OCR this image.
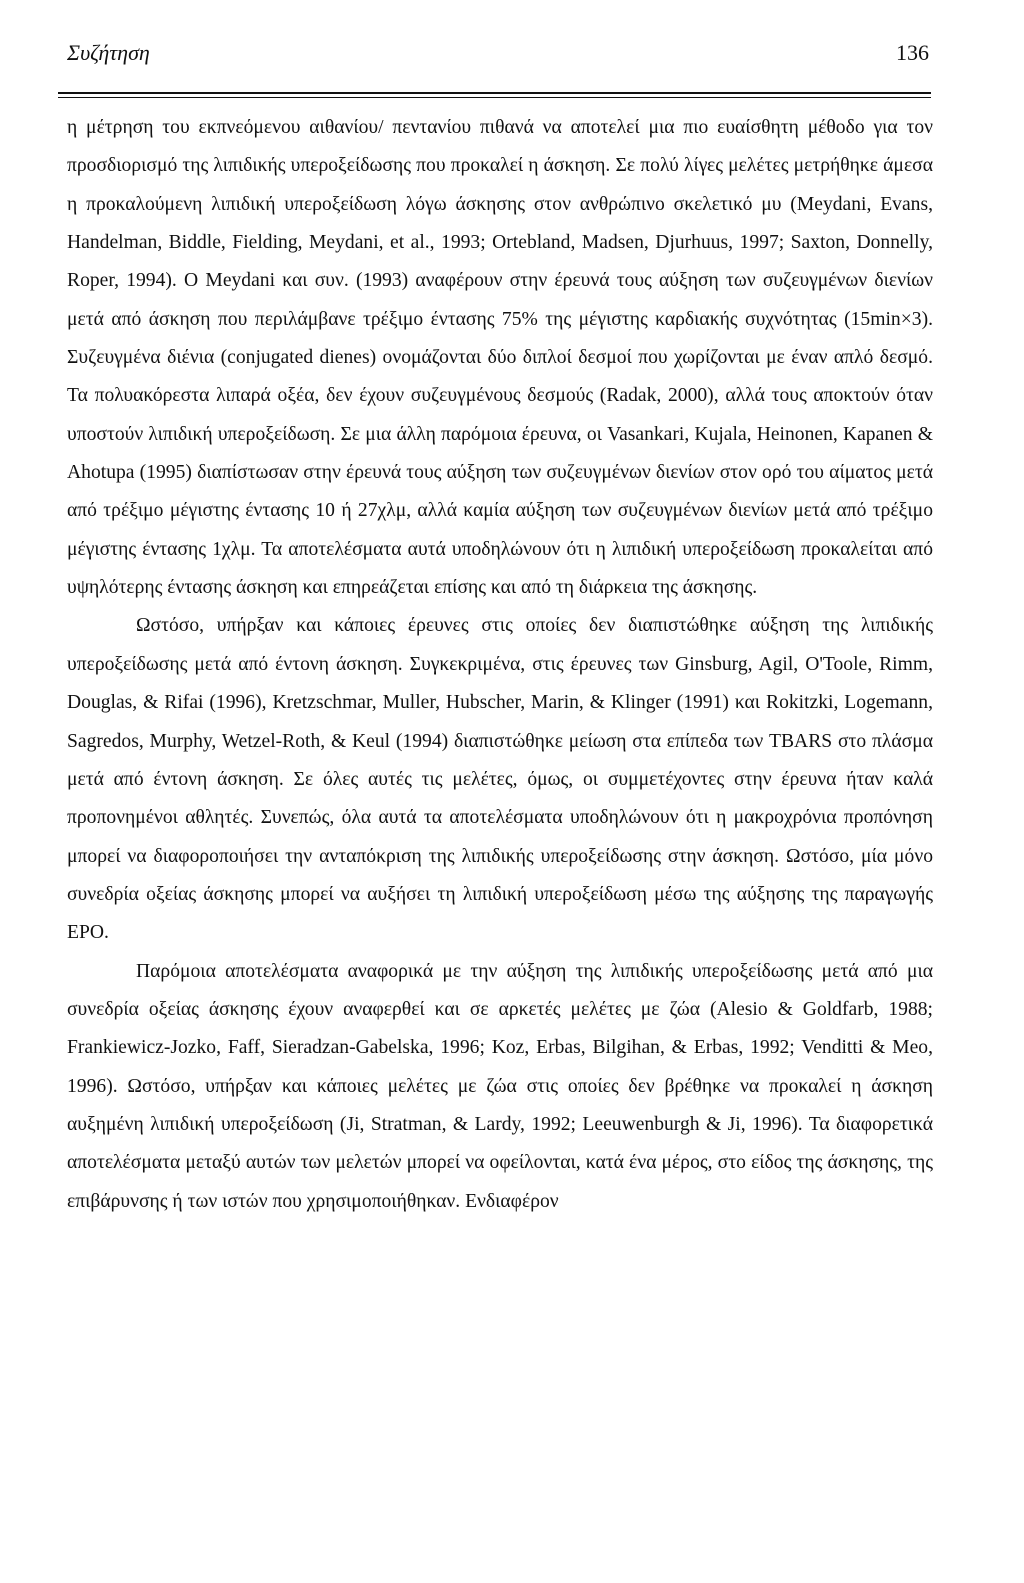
Συζήτηση	136

η μέτρηση του εκπνεόμενου αιθανίου/ πεντανίου πιθανά να αποτελεί μια πιο ευαίσθητη μέθοδο για τον προσδιορισμό της λιπιδικής υπεροξείδωσης που προκαλεί η άσκηση. Σε πολύ λίγες μελέτες μετρήθηκε άμεσα η προκαλούμενη λιπιδική υπεροξείδωση λόγω άσκησης στον ανθρώπινο σκελετικό μυ (Meydani, Evans, Handelman, Biddle, Fielding, Meydani, et al., 1993; Ortebland, Madsen, Djurhuus, 1997; Saxton, Donnelly, Roper, 1994). Ο Meydani και συν. (1993) αναφέρουν στην έρευνά τους αύξηση των συζευγμένων διενίων μετά από άσκηση που περιλάμβανε τρέξιμο έντασης 75% της μέγιστης καρδιακής συχνότητας (15min×3). Συζευγμένα διένια (conjugated dienes) ονομάζονται δύο διπλοί δεσμοί που χωρίζονται με έναν απλό δεσμό. Τα πολυακόρεστα λιπαρά οξέα, δεν έχουν συζευγμένους δεσμούς (Radak, 2000), αλλά τους αποκτούν όταν υποστούν λιπιδική υπεροξείδωση. Σε μια άλλη παρόμοια έρευνα, οι Vasankari, Kujala, Heinonen, Kapanen & Ahotupa (1995) διαπίστωσαν στην έρευνά τους αύξηση των συζευγμένων διενίων στον ορό του αίματος μετά από τρέξιμο μέγιστης έντασης 10 ή 27χλμ, αλλά καμία αύξηση των συζευγμένων διενίων μετά από τρέξιμο μέγιστης έντασης 1χλμ. Τα αποτελέσματα αυτά υποδηλώνουν ότι η λιπιδική υπεροξείδωση προκαλείται από υψηλότερης έντασης άσκηση και επηρεάζεται επίσης και από τη διάρκεια της άσκησης.

Ωστόσο, υπήρξαν και κάποιες έρευνες στις οποίες δεν διαπιστώθηκε αύξηση της λιπιδικής υπεροξείδωσης μετά από έντονη άσκηση. Συγκεκριμένα, στις έρευνες των Ginsburg, Agil, O'Toole, Rimm, Douglas, & Rifai (1996), Kretzschmar, Muller, Hubscher, Marin, & Klinger (1991) και Rokitzki, Logemann, Sagredos, Murphy, Wetzel-Roth, & Keul (1994) διαπιστώθηκε μείωση στα επίπεδα των TBARS στο πλάσμα μετά από έντονη άσκηση. Σε όλες αυτές τις μελέτες, όμως, οι συμμετέχοντες στην έρευνα ήταν καλά προπονημένοι αθλητές. Συνεπώς, όλα αυτά τα αποτελέσματα υποδηλώνουν ότι η μακροχρόνια προπόνηση μπορεί να διαφοροποιήσει την ανταπόκριση της λιπιδικής υπεροξείδωσης στην άσκηση. Ωστόσο, μία μόνο συνεδρία οξείας άσκησης μπορεί να αυξήσει τη λιπιδική υπεροξείδωση μέσω της αύξησης της παραγωγής EPO.

Παρόμοια αποτελέσματα αναφορικά με την αύξηση της λιπιδικής υπεροξείδωσης μετά από μια συνεδρία οξείας άσκησης έχουν αναφερθεί και σε αρκετές μελέτες με ζώα (Alesio & Goldfarb, 1988; Frankiewicz-Jozko, Faff, Sieradzan-Gabelska, 1996; Koz, Erbas, Bilgihan, & Erbas, 1992; Venditti & Meo, 1996). Ωστόσο, υπήρξαν και κάποιες μελέτες με ζώα στις οποίες δεν βρέθηκε να προκαλεί η άσκηση αυξημένη λιπιδική υπεροξείδωση (Ji, Stratman, & Lardy, 1992; Leeuwenburgh & Ji, 1996). Τα διαφορετικά αποτελέσματα μεταξύ αυτών των μελετών μπορεί να οφείλονται, κατά ένα μέρος, στο είδος της άσκησης, της επιβάρυνσης ή των ιστών που χρησιμοποιήθηκαν. Ενδιαφέρον
